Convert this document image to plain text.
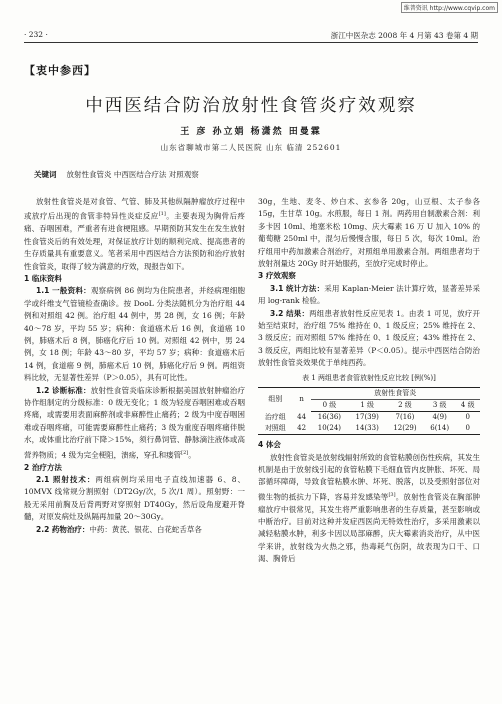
维普资讯 http://www.cqvip.com
· 232 ·	浙江中医杂志 2008 年 4 月第 43 卷第 4 期
【衷中参西】
中西医结合防治放射性食管炎疗效观察
王 彦 孙立娟 杨潇然 田曼霖
山东省聊城市第二人民医院 山东 临清 252601
关键词 放射性食管炎 中西医结合疗法 对照观察

放射性食管炎是对食管、气管、肺及其他纵隔肿瘤放疗过程中或放疗后出现的食管非特异性炎症反应[1]。主要表现为胸骨后疼痛、吞咽困难，严重者有进食梗阻感。早期预防其发生在发生放射性食管炎后的有效处理，对保证放疗计划的顺利完成、提高患者的生存质量具有重要意义。笔者采用中西医结合方法预防和治疗放射性食管炎，取得了较为满意的疗效，现报告如下。

1 临床资料

1.1 一般资料：观察病例 86 例均为住院患者，并经病理细胞学或纤维支气管镜检查确诊。按 DooL 分类法随机分为治疗组 44 例和对照组 42 例。治疗组 44 例中，男 28 例，女 16 例；年龄 40～78 岁，平均 55 岁；病种：食道癌术后 16 例，食道癌 10 例，肺癌术后 8 例，肺癌化疗后 10 例。对照组 42 例中，男 24 例，女 18 例；年龄 43～80 岁，平均 57 岁；病种：食道癌术后 14 例，食道癌 9 例，肺癌术后 10 例，肺癌化疗后 9 例。两组资料比较，无显著性差异（P＞0.05），具有可比性。

1.2 诊断标准：放射性食管炎临床诊断根据美国放射肿瘤治疗协作组制定的分级标准：0 级无变化；1 级为轻度吞咽困难或吞咽疼痛，或需要用表面麻醉剂或非麻醉性止痛药；2 级为中度吞咽困难或吞咽疼痛，可能需要麻醉性止痛药；3 级为重度吞咽疼痛伴脱水，或体重比治疗前下降＞15%，须行鼻饲管、静脉滴注液体或高营养物质；4 级为完全梗阻，溃疡，穿孔和瘘管[2]。

2 治疗方法

2.1 照射技术：两组病例均采用电子直线加速器 6、8、10MVX 线常规分割照射（DT2Gy/次，5 次/1 周）。照射野：一般无采用前胸及后背两野对穿照射 DT40Gy，然后设角度避开脊髓，对原发病灶及纵隔再加量 20～30Gy。

2.2 药物治疗：中药：黄芪、银花、白花蛇舌草各

30g，生地、麦冬、炒白术、玄参各 20g，山豆根、太子参各 15g，生甘草 10g。水煎服，每日 1 剂。两药用自制激素合剂：利多卡因 10ml、地塞米松 10mg、庆大霉素 16 万 U 加入 10% 的葡萄糖 250ml 中，混匀后慢慢含服，每日 5 次，每次 10ml。治疗组用中药加激素合剂治疗，对照组单用激素合剂。两组患者均于放射剂量达 20Gy 时开始服药，至放疗完成时停止。

3 疗效观察

3.1 统计方法：采用 Kaplan-Meier 法计算疗效，显著差异采用 log-rank 检验。

3.2 结果：两组患者放射性反应见表 1。由表 1 可见，放疗开始至结束时，治疗组 75% 维持在 0、1 级反应；25% 维持在 2、3 级反应；而对照组 57% 维持在 0、1 级反应；43% 维持在 2、3 级反应，两组比较有显著差异（P＜0.05）。提示中西医结合防治放射性食管炎效果优于单纯西药。

表 1 两组患者食管放射性反应比较 [例(%)]
组别	n	放射性食管炎				
		0 级	1 级	2 级	3 级	4 级
治疗组	44	16(36)	17(39)	7(16)	4(9)	0
对照组	42	10(24)	14(33)	12(29)	6(14)	0
4 体会

放射性食管炎是放射线辐射所致的食管粘膜创伤性疾病，其发生机制是由于放射线引起的食管粘膜下毛细血管内皮肿胀、坏死、局部循环障碍，导致食管粘膜水肿、坏死、脱落，以及受照射部位对微生物的抵抗力下降，容易并发感染等[3]。放射性食管炎在胸部肿瘤放疗中很常见，其发生将严重影响患者的生存质量，甚至影响或中断治疗。目前对这种并发症西医尚无特效性治疗，多采用激素以减轻粘膜水肿，利多卡因以局部麻醉，庆大霉素消炎治疗，从中医学来讲，放射线为火热之邪，热毒耗气伤阴，故表现为口干、口渴、胸骨后
